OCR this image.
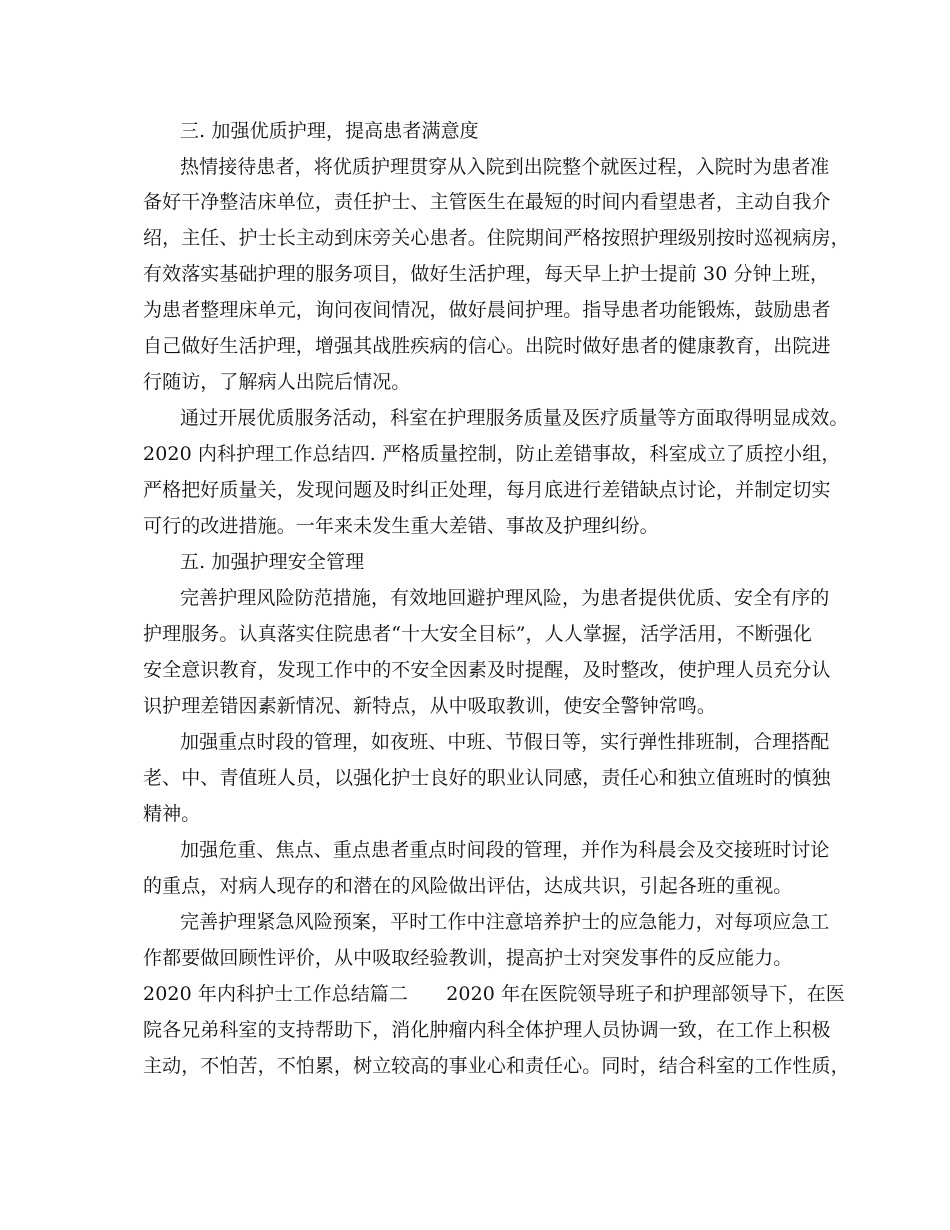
三. 加强优质护理，提高患者满意度
热情接待患者，将优质护理贯穿从入院到出院整个就医过程，入院时为患者准
备好干净整洁床单位，责任护士、主管医生在最短的时间内看望患者，主动自我介
绍，主任、护士长主动到床旁关心患者。住院期间严格按照护理级别按时巡视病房，
有效落实基础护理的服务项目，做好生活护理，每天早上护士提前 30 分钟上班，
为患者整理床单元，询问夜间情况，做好晨间护理。指导患者功能锻炼，鼓励患者
自己做好生活护理，增强其战胜疾病的信心。出院时做好患者的健康教育，出院进
行随访，了解病人出院后情况。
通过开展优质服务活动，科室在护理服务质量及医疗质量等方面取得明显成效。
2020 内科护理工作总结四. 严格质量控制，防止差错事故，科室成立了质控小组，
严格把好质量关，发现问题及时纠正处理，每月底进行差错缺点讨论，并制定切实
可行的改进措施。一年来未发生重大差错、事故及护理纠纷。
五. 加强护理安全管理
完善护理风险防范措施，有效地回避护理风险，为患者提供优质、安全有序的
护理服务。认真落实住院患者“十大安全目标”，人人掌握，活学活用，不断强化
安全意识教育，发现工作中的不安全因素及时提醒，及时整改，使护理人员充分认
识护理差错因素新情况、新特点，从中吸取教训，使安全警钟常鸣。
加强重点时段的管理，如夜班、中班、节假日等，实行弹性排班制，合理搭配
老、中、青值班人员，以强化护士良好的职业认同感，责任心和独立值班时的慎独
精神。
加强危重、焦点、重点患者重点时间段的管理，并作为科晨会及交接班时讨论
的重点，对病人现存的和潜在的风险做出评估，达成共识，引起各班的重视。
完善护理紧急风险预案，平时工作中注意培养护士的应急能力，对每项应急工
作都要做回顾性评价，从中吸取经验教训，提高护士对突发事件的反应能力。
2020 年内科护士工作总结篇二　　2020 年在医院领导班子和护理部领导下，在医
院各兄弟科室的支持帮助下，消化肿瘤内科全体护理人员协调一致，在工作上积极
主动，不怕苦，不怕累，树立较高的事业心和责任心。同时，结合科室的工作性质，
